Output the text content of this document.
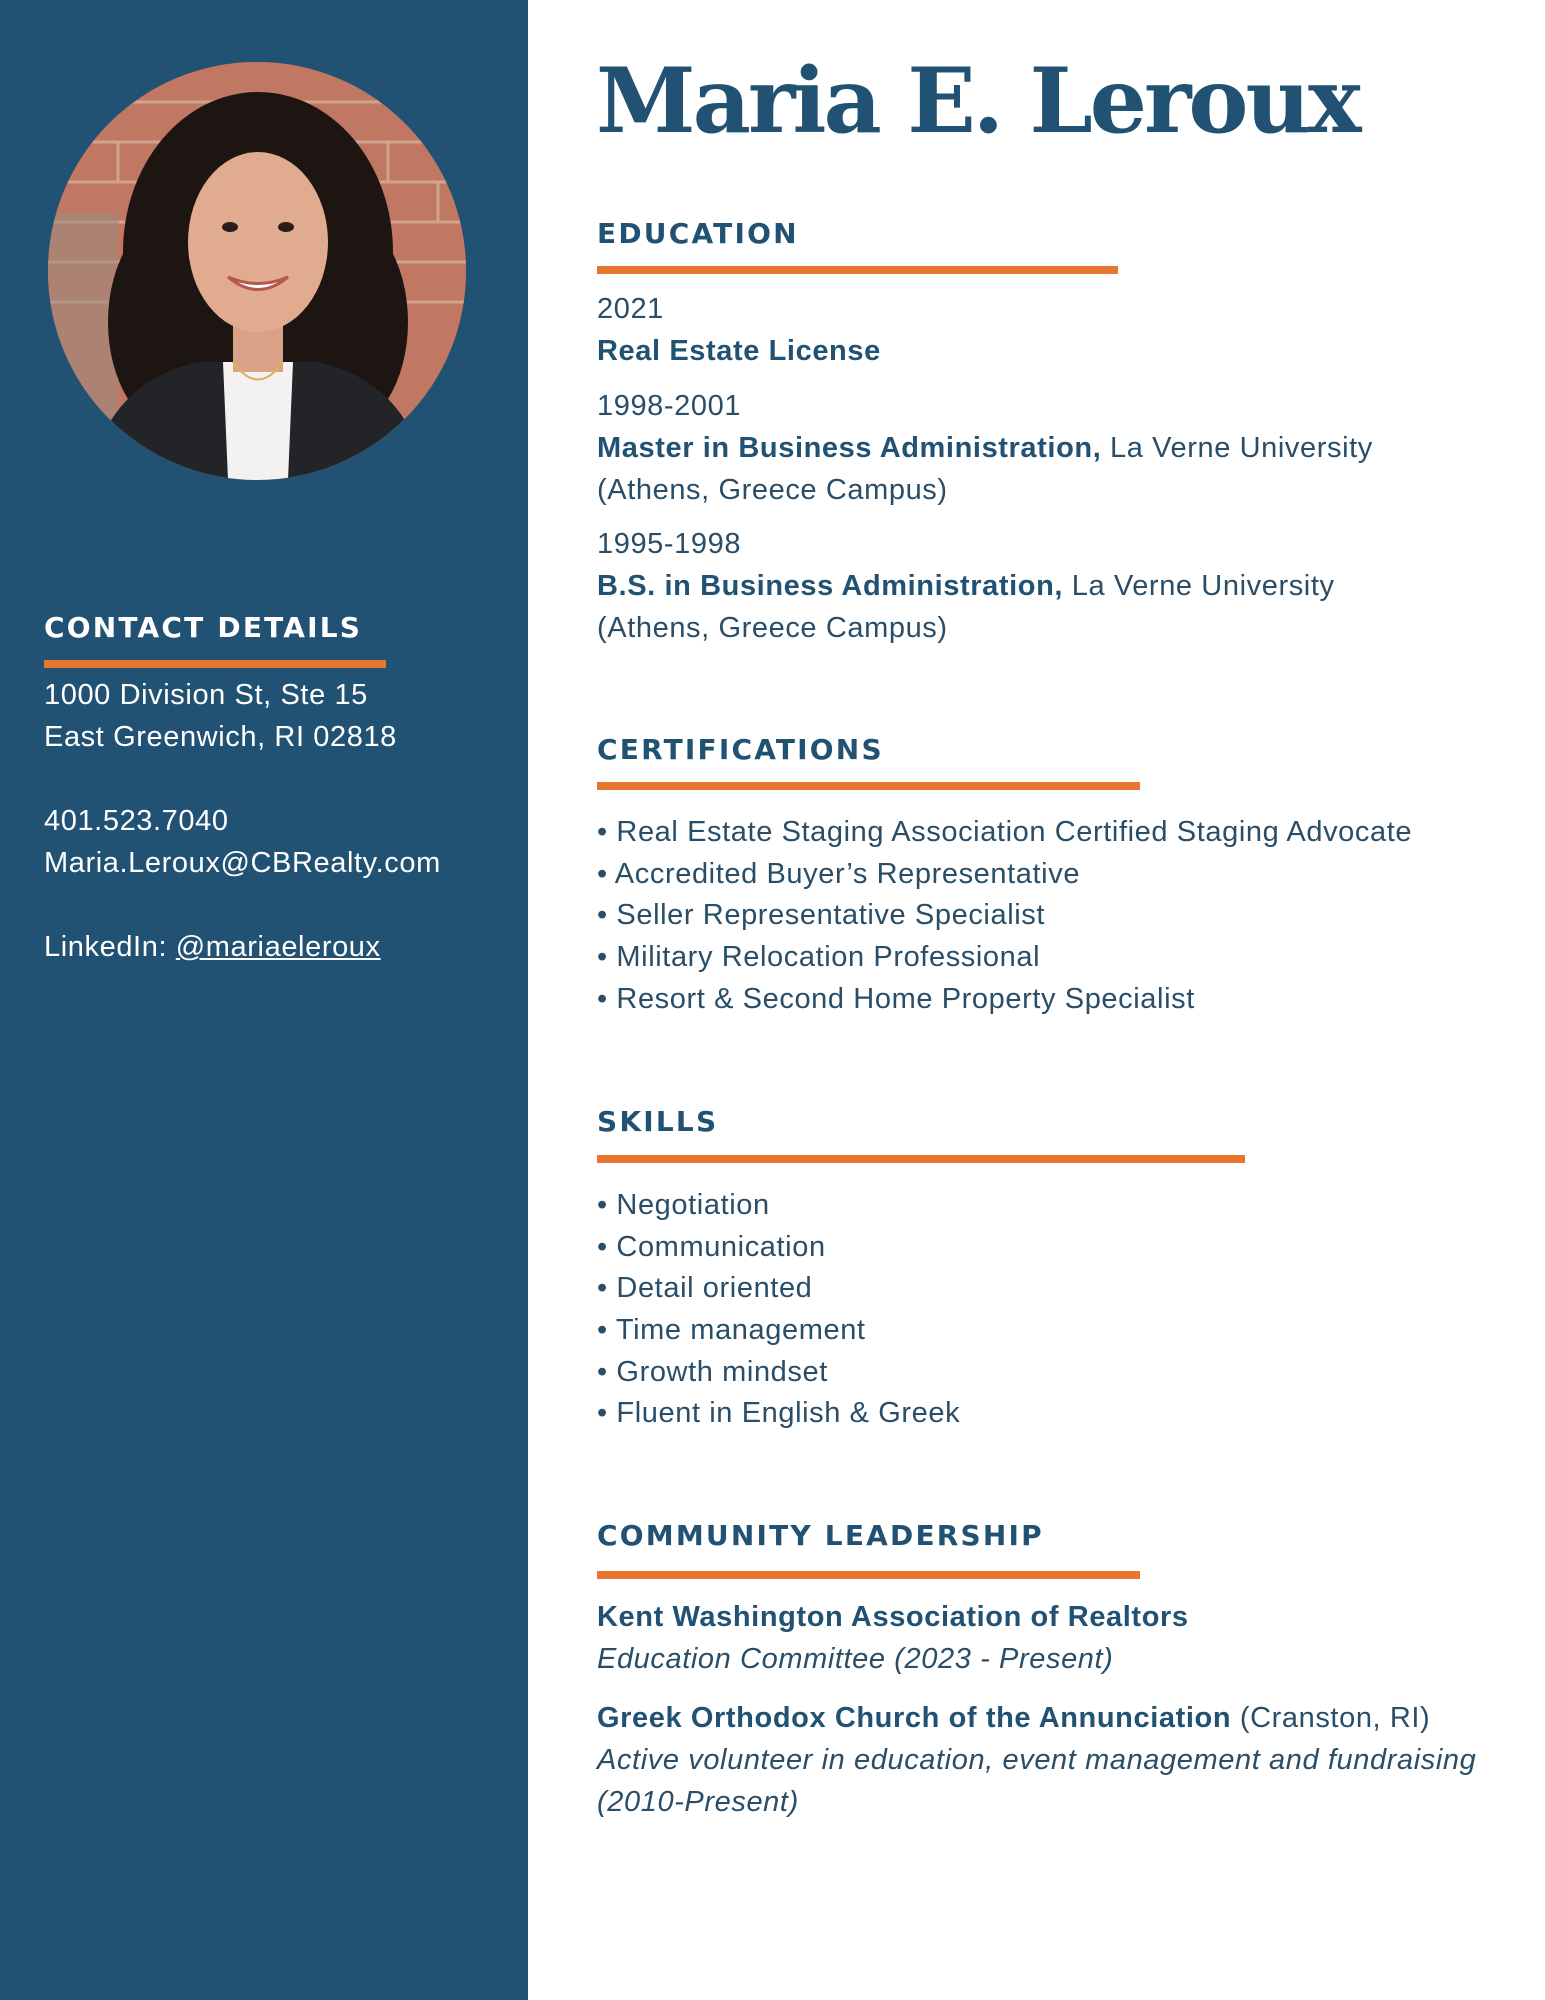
CONTACT DETAILS
1000 Division St, Ste 15
East Greenwich, RI 02818
401.523.7040
Maria.Leroux@CBRealty.com
LinkedIn: @mariaeleroux
Maria E. Leroux
EDUCATION
2021
Real Estate License
1998-2001
Master in Business Administration, La Verne University
(Athens, Greece Campus)
1995-1998
B.S. in Business Administration, La Verne University
(Athens, Greece Campus)
CERTIFICATIONS
• Real Estate Staging Association Certified Staging Advocate
• Accredited Buyer’s Representative
• Seller Representative Specialist
• Military Relocation Professional
• Resort & Second Home Property Specialist
SKILLS
• Negotiation
• Communication
• Detail oriented
• Time management
• Growth mindset
• Fluent in English & Greek
COMMUNITY LEADERSHIP
Kent Washington Association of Realtors
Education Committee (2023 - Present)
Greek Orthodox Church of the Annunciation (Cranston, RI)
Active volunteer in education, event management and fundraising
(2010-Present)
